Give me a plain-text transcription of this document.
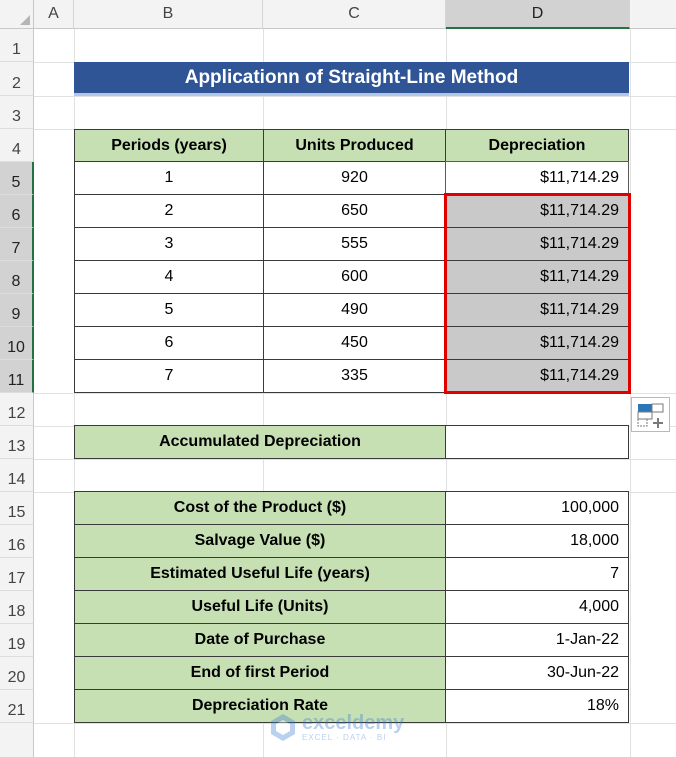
A	B	C	D
1
2
3
4
5
6
7
8
9
10
11
12
13
14
15
16
17
18
19
20
21
Applicationn of Straight-Line Method
Periods (years)	Units Produced	Depreciation
1	920	$11,714.29
2	650	$11,714.29
3	555	$11,714.29
4	600	$11,714.29
5	490	$11,714.29
6	450	$11,714.29
7	335	$11,714.29
Accumulated Depreciation
Cost of the Product ($)	100,000
Salvage Value ($)	18,000
Estimated Useful Life (years)	7
Useful Life (Units)	4,000
Date of Purchase	1-Jan-22
End of first Period	30-Jun-22
Depreciation Rate	18%
exceldemy
EXCEL · DATA · BI
